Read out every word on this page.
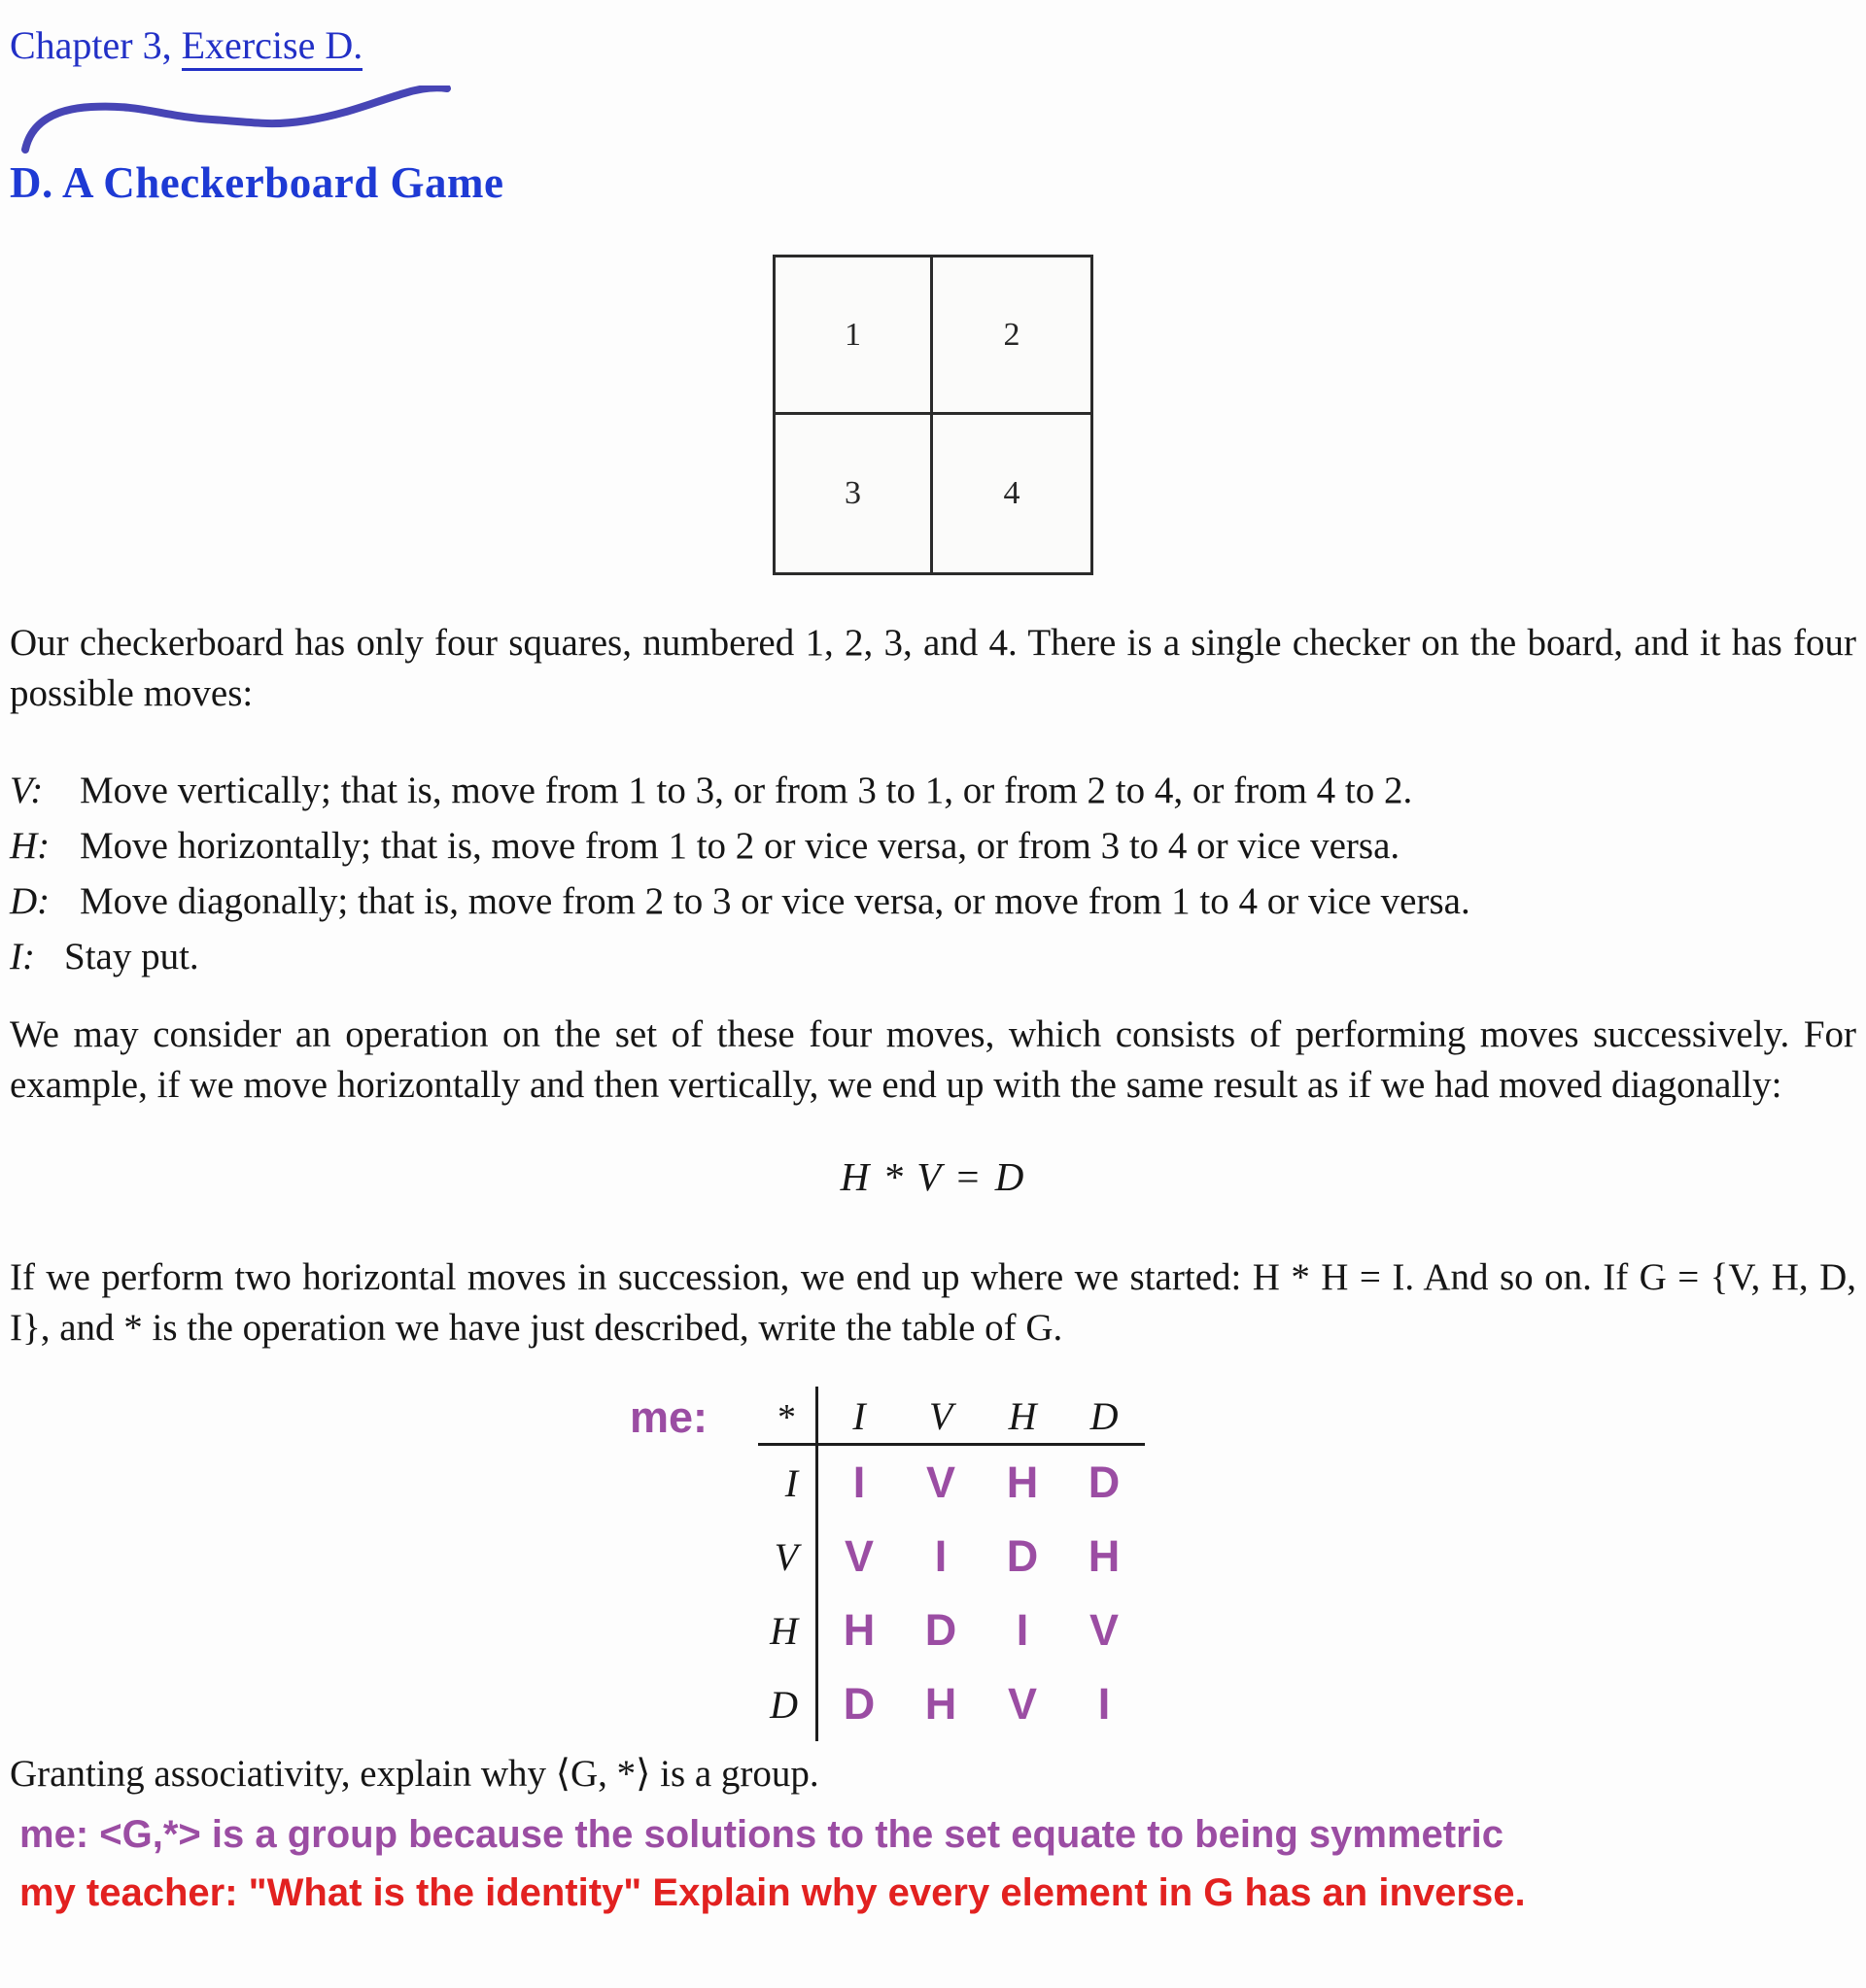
Chapter 3, Exercise D.
D. A Checkerboard Game
1	2
3	4

Our checkerboard has only four squares, numbered 1, 2, 3, and 4. There is a single checker on the board, and it has four possible moves:

V: Move vertically; that is, move from 1 to 3, or from 3 to 1, or from 2 to 4, or from 4 to 2.
H: Move horizontally; that is, move from 1 to 2 or vice versa, or from 3 to 4 or vice versa.
D: Move diagonally; that is, move from 2 to 3 or vice versa, or move from 1 to 4 or vice versa.
I: Stay put.

We may consider an operation on the set of these four moves, which consists of performing moves successively. For example, if we move horizontally and then vertically, we end up with the same result as if we had moved diagonally:

H * V = D

If we perform two horizontal moves in succession, we end up where we started: H * H = I. And so on. If G = {V, H, D, I}, and * is the operation we have just described, write the table of G.

me:	*	I	V	H	D
I	I	V	H	D
V	V	I	D	H
H	H	D	I	V
D	D	H	V	I

Granting associativity, explain why ⟨G, *⟩ is a group.

me: <G,*> is a group because the solutions to the set equate to being symmetric

my teacher: "What is the identity" Explain why every element in G has an inverse.
